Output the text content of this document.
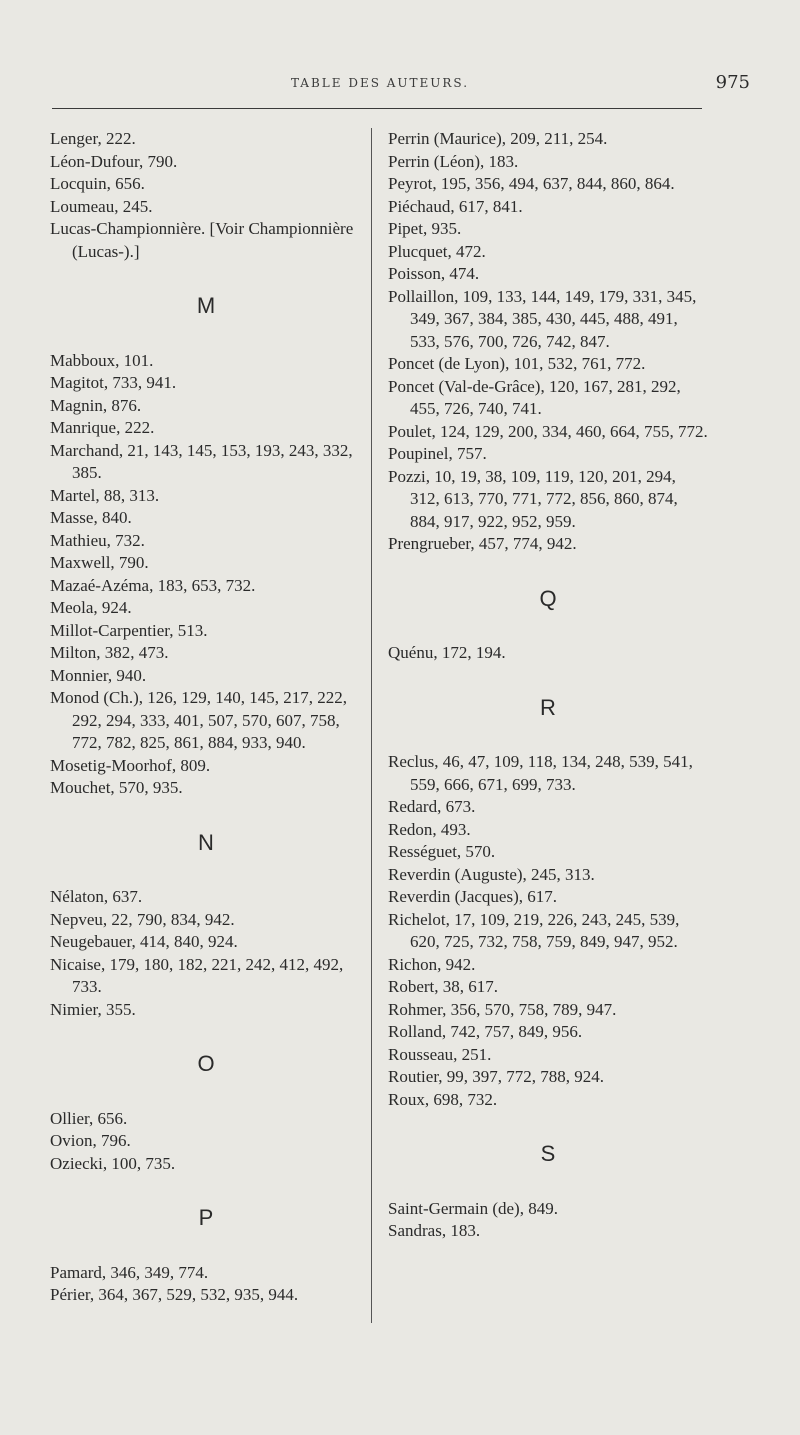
TABLE DES AUTEURS.	975
Lenger, 222.
Léon-Dufour, 790.
Locquin, 656.
Loumeau, 245.
Lucas-Championnière. [Voir Championnière (Lucas-).]
M
Mabboux, 101.
Magitot, 733, 941.
Magnin, 876.
Manrique, 222.
Marchand, 21, 143, 145, 153, 193, 243, 332, 385.
Martel, 88, 313.
Masse, 840.
Mathieu, 732.
Maxwell, 790.
Mazaé-Azéma, 183, 653, 732.
Meola, 924.
Millot-Carpentier, 513.
Milton, 382, 473.
Monnier, 940.
Monod (Ch.), 126, 129, 140, 145, 217, 222, 292, 294, 333, 401, 507, 570, 607, 758, 772, 782, 825, 861, 884, 933, 940.
Mosetig-Moorhof, 809.
Mouchet, 570, 935.
N
Nélaton, 637.
Nepveu, 22, 790, 834, 942.
Neugebauer, 414, 840, 924.
Nicaise, 179, 180, 182, 221, 242, 412, 492, 733.
Nimier, 355.
O
Ollier, 656.
Ovion, 796.
Oziecki, 100, 735.
P
Pamard, 346, 349, 774.
Périer, 364, 367, 529, 532, 935, 944.
Perrin (Maurice), 209, 211, 254.
Perrin (Léon), 183.
Peyrot, 195, 356, 494, 637, 844, 860, 864.
Piéchaud, 617, 841.
Pipet, 935.
Plucquet, 472.
Poisson, 474.
Pollaillon, 109, 133, 144, 149, 179, 331, 345, 349, 367, 384, 385, 430, 445, 488, 491, 533, 576, 700, 726, 742, 847.
Poncet (de Lyon), 101, 532, 761, 772.
Poncet (Val-de-Grâce), 120, 167, 281, 292, 455, 726, 740, 741.
Poulet, 124, 129, 200, 334, 460, 664, 755, 772.
Poupinel, 757.
Pozzi, 10, 19, 38, 109, 119, 120, 201, 294, 312, 613, 770, 771, 772, 856, 860, 874, 884, 917, 922, 952, 959.
Prengrueber, 457, 774, 942.
Q
Quénu, 172, 194.
R
Reclus, 46, 47, 109, 118, 134, 248, 539, 541, 559, 666, 671, 699, 733.
Redard, 673.
Redon, 493.
Rességuet, 570.
Reverdin (Auguste), 245, 313.
Reverdin (Jacques), 617.
Richelot, 17, 109, 219, 226, 243, 245, 539, 620, 725, 732, 758, 759, 849, 947, 952.
Richon, 942.
Robert, 38, 617.
Rohmer, 356, 570, 758, 789, 947.
Rolland, 742, 757, 849, 956.
Rousseau, 251.
Routier, 99, 397, 772, 788, 924.
Roux, 698, 732.
S
Saint-Germain (de), 849.
Sandras, 183.
